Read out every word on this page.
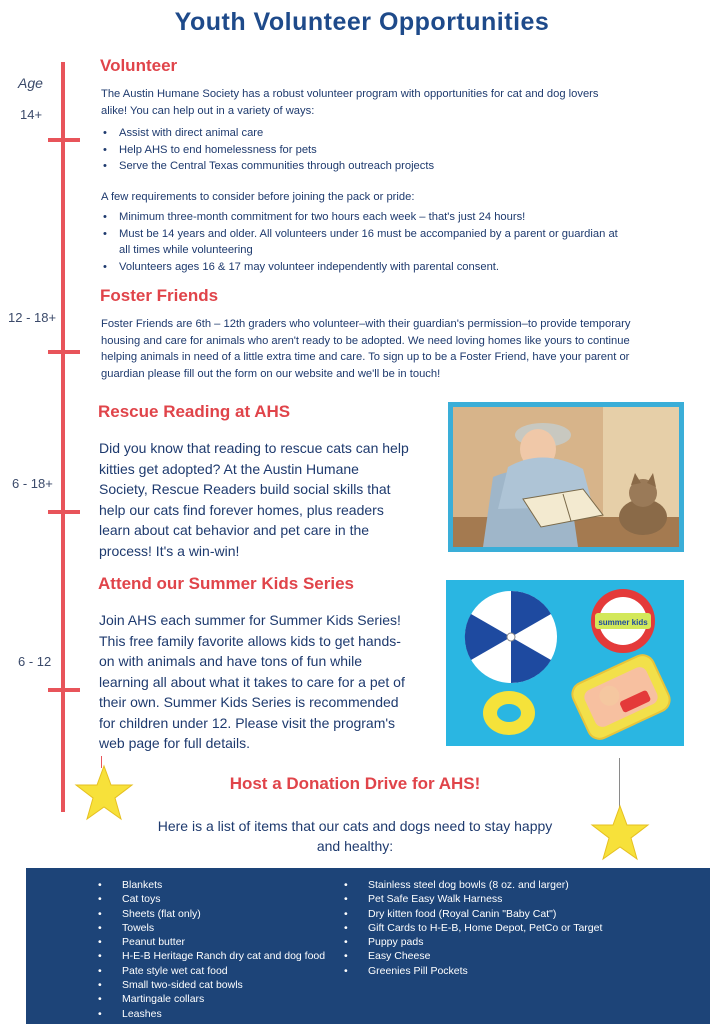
Youth Volunteer Opportunities
Age
14+
12 - 18+
6 - 18+
6 - 12
Volunteer
The Austin Humane Society has a robust volunteer program with opportunities for cat and dog lovers alike! You can help out in a variety of ways:
• Assist with direct animal care
• Help AHS to end homelessness for pets
• Serve the Central Texas communities through outreach projects
A few requirements to consider before joining the pack or pride:
• Minimum three-month commitment for two hours each week – that's just 24 hours!
• Must be 14 years and older. All volunteers under 16 must be accompanied by a parent or guardian at all times while volunteering
• Volunteers ages 16 & 17 may volunteer independently with parental consent.
Foster Friends
Foster Friends are 6th – 12th graders who volunteer–with their guardian's permission–to provide temporary housing and care for animals who aren't ready to be adopted. We need loving homes like yours to continue helping animals in need of a little extra time and care. To sign up to be a Foster Friend, have your parent or guardian please fill out the form on our website and we'll be in touch!
Rescue Reading at AHS
Did you know that reading to rescue cats can help kitties get adopted? At the Austin Humane Society, Rescue Readers build social skills that help our cats find forever homes, plus readers learn about cat behavior and pet care in the process! It's a win-win!
Attend our Summer Kids Series
Join AHS each summer for Summer Kids Series! This free family favorite allows kids to get hands-on with animals and have tons of fun while learning all about what it takes to care for a pet of their own. Summer Kids Series is recommended for children under 12. Please visit the program's web page for full details.
summer kids
Host a Donation Drive for AHS!
Here is a list of items that our cats and dogs need to stay happy and healthy:
• Blankets
• Cat toys
• Sheets (flat only)
• Towels
• Peanut butter
• H-E-B Heritage Ranch dry cat and dog food
• Pate style wet cat food
• Small two-sided cat bowls
• Martingale collars
• Leashes
• Stainless steel dog bowls (8 oz. and larger)
• Pet Safe Easy Walk Harness
• Dry kitten food (Royal Canin "Baby Cat")
• Gift Cards to H-E-B, Home Depot, PetCo or Target
• Puppy pads
• Easy Cheese
• Greenies Pill Pockets
